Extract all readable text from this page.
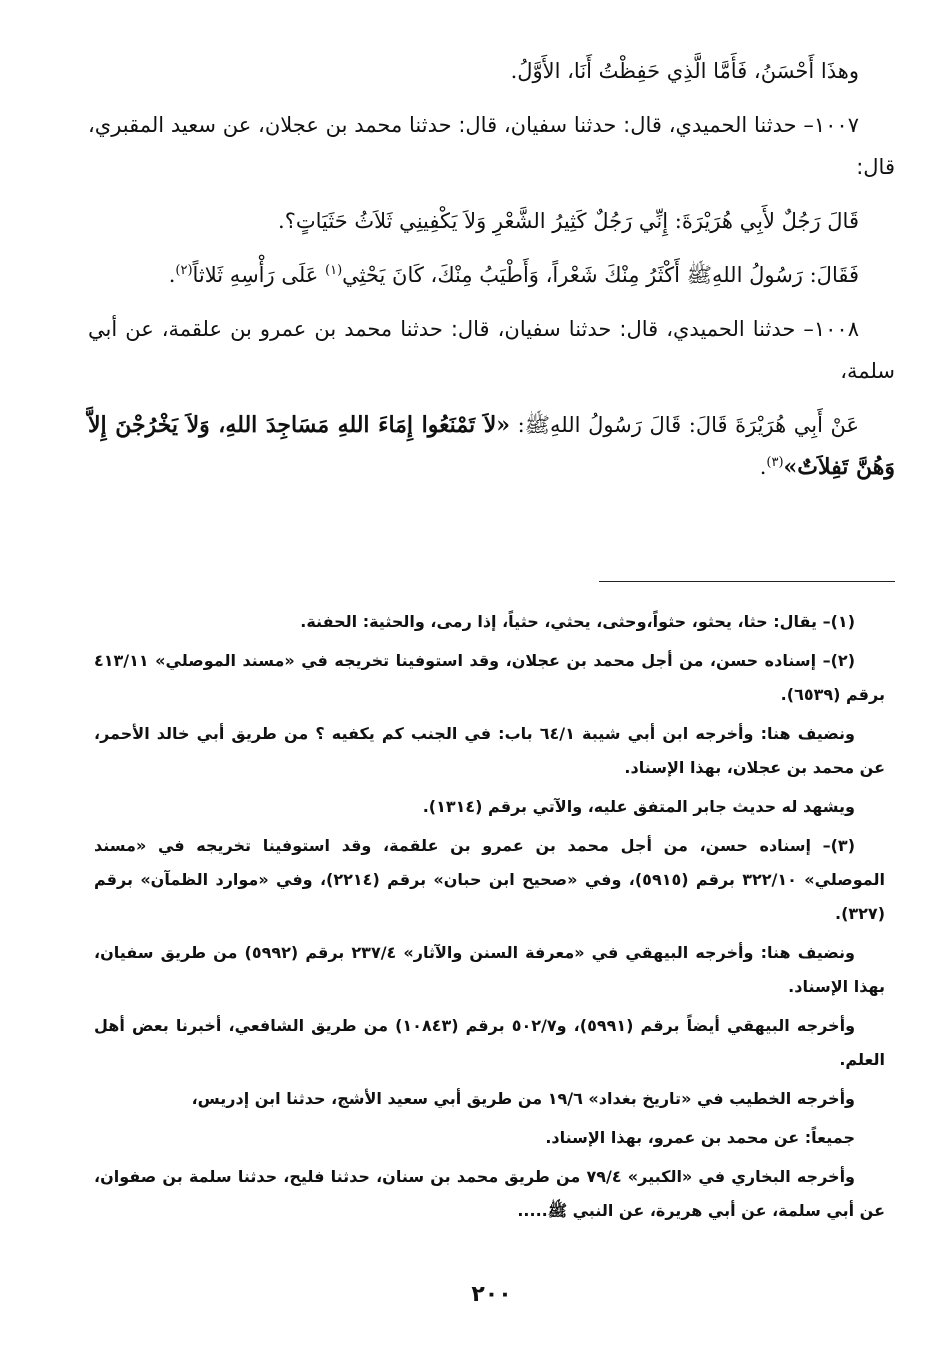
وهذَا أَحْسَنُ، فَأَمَّا الَّذِي حَفِظْتُ أَنَا، الأَوَّلُ.

١٠٠٧– حدثنا الحميدي، قال: حدثنا سفيان، قال: حدثنا محمد بن عجلان، عن سعيد المقبري، قال:

قَالَ رَجُلٌ لأَبِي هُرَيْرَةَ: إِنِّي رَجُلٌ كَثِيرُ الشَّعْرِ وَلاَ يَكْفِينِي ثَلاَثُ حَثَيَاتٍ؟.

فَقَالَ: رَسُولُ اللهِﷺ أَكْثَرُ مِنْكَ شَعْراً، وَأَطْيَبُ مِنْكَ، كَانَ يَحْثِي$^{(١)}$ عَلَى رَأْسِهِ ثَلاثاً$^{(٢)}$.

١٠٠٨– حدثنا الحميدي، قال: حدثنا سفيان، قال: حدثنا محمد بن عمرو بن علقمة، عن أبي سلمة،

عَنْ أَبِي هُرَيْرَةَ قَالَ: قَالَ رَسُولُ اللهِﷺ: «لاَ تَمْنَعُوا إِمَاءَ اللهِ مَسَاجِدَ اللهِ، وَلاَ يَخْرُجْنَ إِلاَّ وَهُنَّ تَفِلاَتٌ»$^{(٣)}$.

(١)– يقال: حثا، يحثو، حثواً،وحثى، يحثي، حثياً، إذا رمى، والحثية: الحفنة.

(٢)– إسناده حسن، من أجل محمد بن عجلان، وقد استوفينا تخريجه في «مسند الموصلي» ٤١٣/١١ برقم (٦٥٣٩).

ونضيف هنا: وأخرجه ابن أبي شيبة ٦٤/١ باب: في الجنب كم يكفيه ؟ من طريق أبي خالد الأحمر، عن محمد بن عجلان، بهذا الإسناد.

ويشهد له حديث جابر المتفق عليه، والآتي برقم (١٣١٤).

(٣)– إسناده حسن، من أجل محمد بن عمرو بن علقمة، وقد استوفينا تخريجه في «مسند الموصلي» ٣٢٢/١٠ برقم (٥٩١٥)، وفي «صحيح ابن حبان» برقم (٢٢١٤)، وفي «موارد الظمآن» برقم (٣٢٧).

ونضيف هنا: وأخرجه البيهقي في «معرفة السنن والآثار» ٢٣٧/٤ برقم (٥٩٩٢) من طريق سفيان، بهذا الإسناد.

وأخرجه البيهقي أيضاً برقم (٥٩٩١)، و٥٠٢/٧ برقم (١٠٨٤٣) من طريق الشافعي، أخبرنا بعض أهل العلم.

وأخرجه الخطيب في «تاريخ بغداد» ١٩/٦ من طريق أبي سعيد الأشج، حدثنا ابن إدريس،

جميعاً: عن محمد بن عمرو، بهذا الإسناد.

وأخرجه البخاري في «الكبير» ٧٩/٤ من طريق محمد بن سنان، حدثنا فليح، حدثنا سلمة بن صفوان، عن أبي سلمة، عن أبي هريرة، عن النبي ﷺ.....

٢٠٠
